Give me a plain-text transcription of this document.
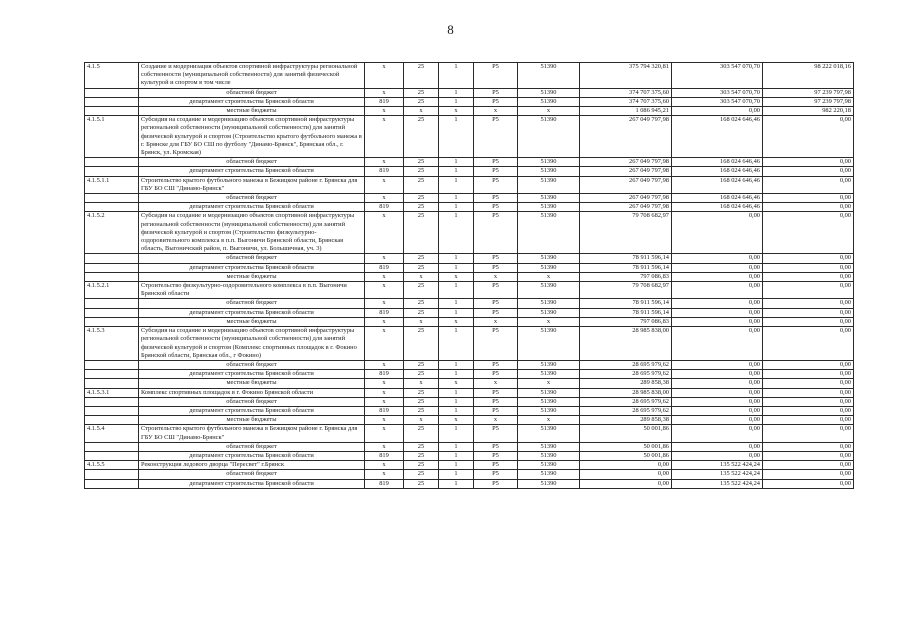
8
4.1.5	Создание и модернизация объектов спортивной инфраструктуры региональной собственности (муниципальной собственности) для занятий физической культурой и спортом в том числе	x	25	1	P5	51390	375 794 320,81	303 547 070,70	98 222 018,16
	областной бюджет	x	25	1	P5	51390	374 707 375,60	303 547 070,70	97 239 797,98
	департамент строительства Брянской области	819	25	1	P5	51390	374 707 375,60	303 547 070,70	97 239 797,98
	местные бюджеты	x	x	x	x	x	1 086 945,21	0,00	982 220,18
4.1.5.1	Субсидия на создание и модернизацию объектов спортивной инфраструктуры региональной собственности (муниципальной собственности) для занятий физической культурой и спортом (Строительство крытого футбольного манежа в г. Брянске для ГБУ БО СШ по футболу "Динамо-Брянск", Брянская обл., г. Брянск, ул. Кромская)	x	25	1	P5	51390	267 049 797,98	168 024 646,46	0,00
	областной бюджет	x	25	1	P5	51390	267 049 797,98	168 024 646,46	0,00
	департамент строительства Брянской области	819	25	1	P5	51390	267 049 797,98	168 024 646,46	0,00
4.1.5.1.1	Строительство крытого футбольного манежа в Бежицком районе г. Брянска для ГБУ БО СШ "Динамо-Брянск"	x	25	1	P5	51390	267 049 797,98	168 024 646,46	0,00
	областной бюджет	x	25	1	P5	51390	267 049 797,98	168 024 646,46	0,00
	департамент строительства Брянской области	819	25	1	P5	51390	267 049 797,98	168 024 646,46	0,00
4.1.5.2	Субсидия на создание и модернизацию объектов спортивной инфраструктуры региональной собственности (муниципальной собственности) для занятий физической культурой и спортом (Строительство физкультурно-оздоровительного комплекса в п.п. Выгоничи Брянской области, Брянская область, Выгоничский район, п. Выгоничи, ул. Большичная, уч. 3)	x	25	1	P5	51390	79 708 682,97	0,00	0,00
	областной бюджет	x	25	1	P5	51390	78 911 596,14	0,00	0,00
	департамент строительства Брянской области	819	25	1	P5	51390	78 911 596,14	0,00	0,00
	местные бюджеты	x	x	x	x	x	797 086,83	0,00	0,00
4.1.5.2.1	Строительство физкультурно-оздоровительного комплекса в п.п. Выгоничи Брянской области	x	25	1	P5	51390	79 708 682,97	0,00	0,00
	областной бюджет	x	25	1	P5	51390	78 911 596,14	0,00	0,00
	департамент строительства Брянской области	819	25	1	P5	51390	78 911 596,14	0,00	0,00
	местные бюджеты	x	x	x	x	x	797 086,83	0,00	0,00
4.1.5.3	Субсидия на создание и модернизацию объектов спортивной инфраструктуры региональной собственности (муниципальной собственности) для занятий физической культурой и спортом (Комплекс спортивных площадок в г. Фокино Брянской области, Брянская обл., г Фокино)	x	25	1	P5	51390	28 985 838,00	0,00	0,00
	областной бюджет	x	25	1	P5	51390	28 695 979,62	0,00	0,00
	департамент строительства Брянской области	819	25	1	P5	51390	28 695 979,62	0,00	0,00
	местные бюджеты	x	x	x	x	x	289 858,38	0,00	0,00
4.1.5.3.1	Комплекс спортивных площадок в г. Фокино Брянской области	x	25	1	P5	51390	28 985 838,00	0,00	0,00
	областной бюджет	x	25	1	P5	51390	28 695 979,62	0,00	0,00
	департамент строительства Брянской области	819	25	1	P5	51390	28 695 979,62	0,00	0,00
	местные бюджеты	x	x	x	x	x	289 858,38	0,00	0,00
4.1.5.4	Строительство крытого футбольного манежа в Бежицком районе г. Брянска для ГБУ БО СШ "Динамо-Брянск"	x	25	1	P5	51390	50 001,86	0,00	0,00
	областной бюджет	x	25	1	P5	51390	50 001,86	0,00	0,00
	департамент строительства Брянской области	819	25	1	P5	51390	50 001,86	0,00	0,00
4.1.5.5	Реконструкция ледового дворца "Пересвет" г.Брянск	x	25	1	P5	51390	0,00	135 522 424,24	0,00
	областной бюджет	x	25	1	P5	51390	0,00	135 522 424,24	0,00
	департамент строительства Брянской области	819	25	1	P5	51390	0,00	135 522 424,24	0,00
